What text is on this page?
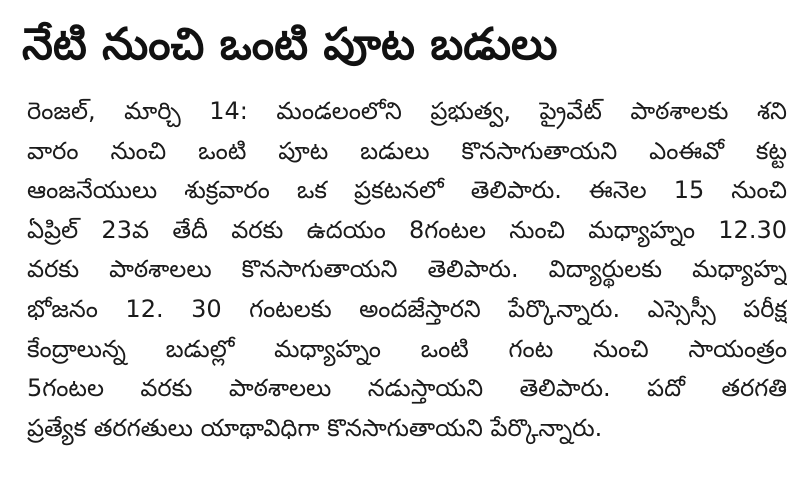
నేటి నుంచి ఒంటి పూట బడులు
రెంజల్, మార్చి 14: మండలంలోని ప్రభుత్వ, ప్రైవేట్ పాఠశాలకు శని
వారం నుంచి ఒంటి పూట బడులు కొనసాగుతాయని ఎంఈవో కట్ట
ఆంజనేయులు శుక్రవారం ఒక ప్రకటనలో తెలిపారు. ఈనెల 15 నుంచి
ఏప్రిల్ 23వ తేదీ వరకు ఉదయం 8గంటల నుంచి మధ్యాహ్నం 12.30
వరకు పాఠశాలలు కొనసాగుతాయని తెలిపారు. విద్యార్థులకు మధ్యాహ్న
భోజనం 12. 30 గంటలకు అందజేస్తారని పేర్కొన్నారు. ఎస్సెస్సీ పరీక్ష
కేంద్రాలున్న బడుల్లో మధ్యాహ్నం ఒంటి గంట నుంచి సాయంత్రం
5గంటల వరకు పాఠశాలలు నడుస్తాయని తెలిపారు. పదో తరగతి
ప్రత్యేక తరగతులు యాథావిధిగా కొనసాగుతాయని పేర్కొన్నారు.
